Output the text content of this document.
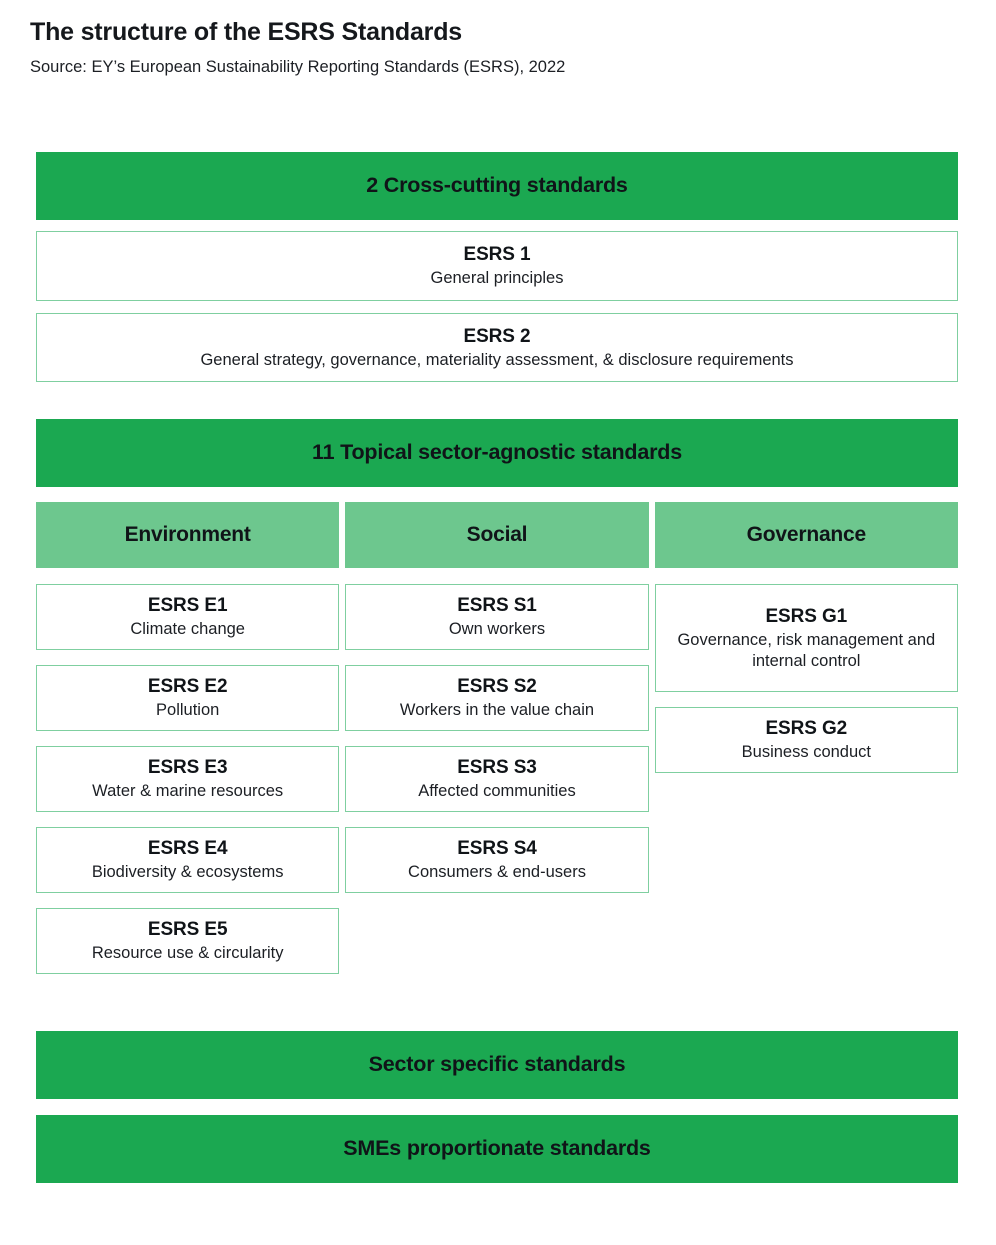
The structure of the ESRS Standards

Source: EY’s European Sustainability Reporting Standards (ESRS), 2022

2 Cross-cutting standards
ESRS 1
General principles
ESRS 2
General strategy, governance, materiality assessment, & disclosure requirements
11 Topical sector-agnostic standards
Environment
ESRS E1
Climate change
ESRS E2
Pollution
ESRS E3
Water & marine resources
ESRS E4
Biodiversity & ecosystems
ESRS E5
Resource use & circularity
Social
ESRS S1
Own workers
ESRS S2
Workers in the value chain
ESRS S3
Affected communities
ESRS S4
Consumers & end-users
Governance
ESRS G1
Governance, risk management and internal control
ESRS G2
Business conduct
Sector specific standards
SMEs proportionate standards
